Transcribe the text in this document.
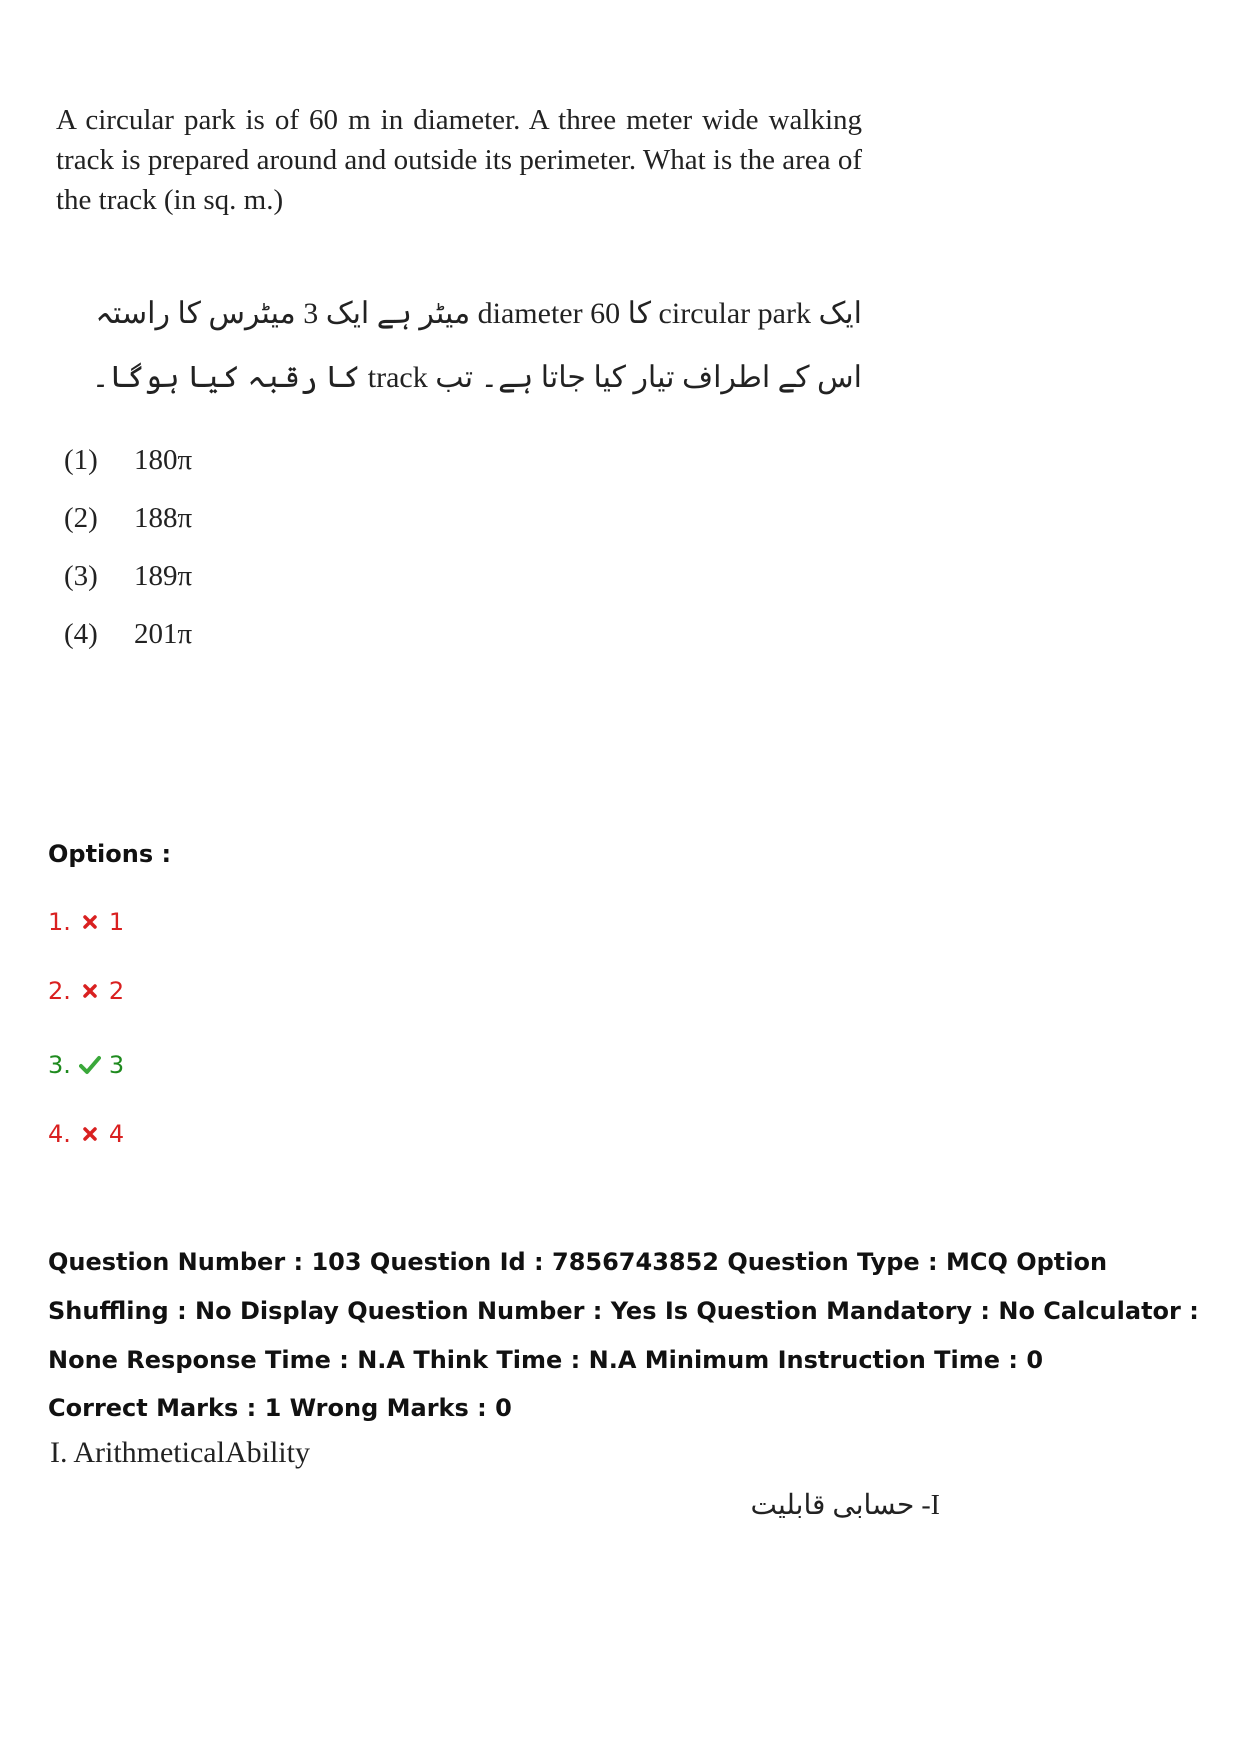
A circular park is of 60 m in diameter. A three meter wide walking track is prepared around and outside its perimeter. What is the area of the track (in sq. m.)

ایک circular park کا diameter 60 میٹر ہے ایک 3 میٹرس کا راستہ اس کے اطراف تیار کیا جاتا ہے۔ تب track کا رقبہ کیا ہوگا۔

(1)	180π
(2)	188π
(3)	189π
(4)	201π

Options :

1. 1
2. 2
3. 3
4. 4

Question Number : 103 Question Id : 7856743852 Question Type : MCQ Option Shuffling : No Display Question Number : Yes Is Question Mandatory : No Calculator : None Response Time : N.A Think Time : N.A Minimum Instruction Time : 0

Correct Marks : 1 Wrong Marks : 0

I. ArithmeticalAbility

I- حسابی قابلیت
